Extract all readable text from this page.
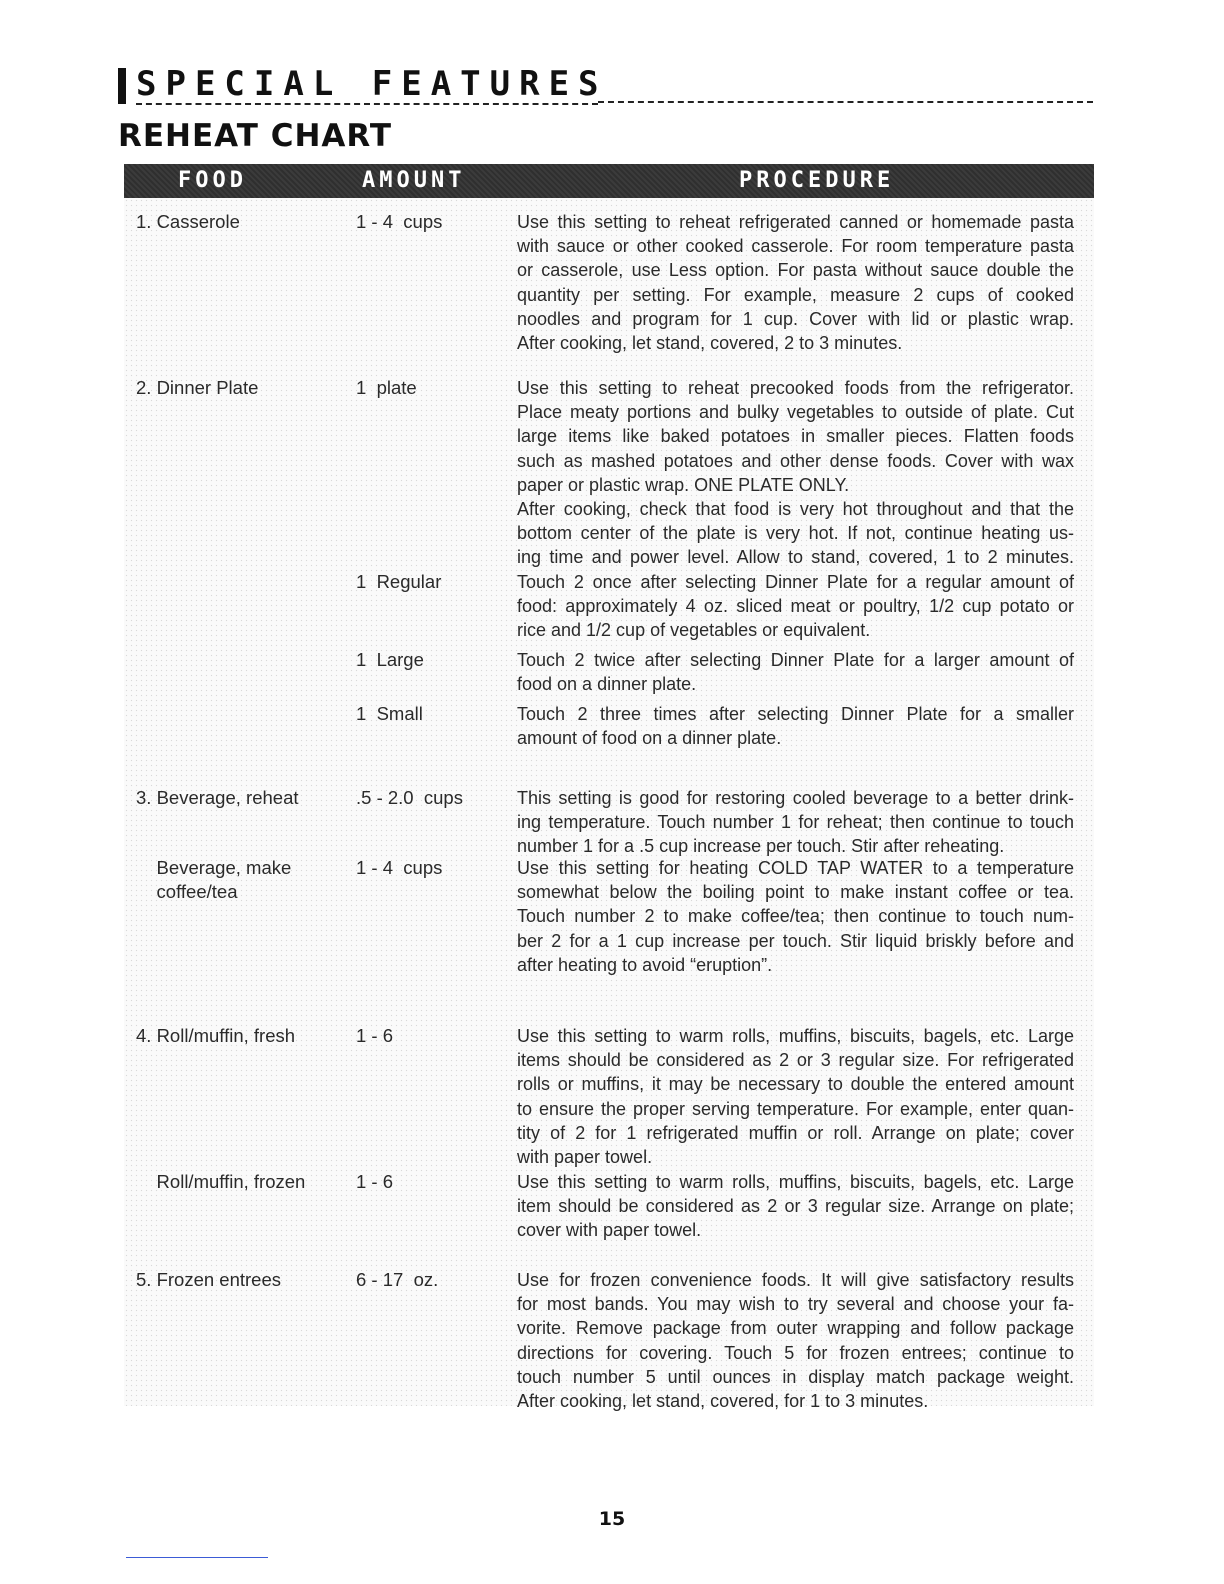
SPECIAL FEATURES
REHEAT CHART
FOOD	AMOUNT	PROCEDURE
1. Casserole	1 - 4  cups	Use this setting to reheat refrigerated canned or homemade pasta
with sauce or other cooked casserole. For room temperature pasta
or casserole, use Less option. For pasta without sauce double the
quantity per setting. For example, measure 2 cups of cooked
noodles and program for 1 cup. Cover with lid or plastic wrap.
After cooking, let stand, covered, 2 to 3 minutes.
2. Dinner Plate	1  plate	Use this setting to reheat precooked foods from the refrigerator.
Place meaty portions and bulky vegetables to outside of plate. Cut
large items like baked potatoes in smaller pieces. Flatten foods
such as mashed potatoes and other dense foods. Cover with wax
paper or plastic wrap. ONE PLATE ONLY.
After cooking, check that food is very hot throughout and that the
bottom center of the plate is very hot. If not, continue heating us-
ing time and power level. Allow to stand, covered, 1 to 2 minutes.
1  Regular	Touch 2 once after selecting Dinner Plate for a regular amount of
food: approximately 4 oz. sliced meat or poultry, 1/2 cup potato or
rice and 1/2 cup of vegetables or equivalent.
1  Large	Touch 2 twice after selecting Dinner Plate for a larger amount of
food on a dinner plate.
1  Small	Touch 2 three times after selecting Dinner Plate for a smaller
amount of food on a dinner plate.
3. Beverage, reheat	.5 - 2.0  cups	This setting is good for restoring cooled beverage to a better drink-
ing temperature. Touch number 1 for reheat; then continue to touch
number 1 for a .5 cup increase per touch. Stir after reheating.
Beverage, make
coffee/tea
1 - 4  cups	Use this setting for heating COLD TAP WATER to a temperature
somewhat below the boiling point to make instant coffee or tea.
Touch number 2 to make coffee/tea; then continue to touch num-
ber 2 for a 1 cup increase per touch. Stir liquid briskly before and
after heating to avoid “eruption”.
4. Roll/muffin, fresh	1 - 6	Use this setting to warm rolls, muffins, biscuits, bagels, etc. Large
items should be considered as 2 or 3 regular size. For refrigerated
rolls or muffins, it may be necessary to double the entered amount
to ensure the proper serving temperature. For example, enter quan-
tity of 2 for 1 refrigerated muffin or roll. Arrange on plate; cover
with paper towel.
Roll/muffin, frozen	1 - 6	Use this setting to warm rolls, muffins, biscuits, bagels, etc. Large
item should be considered as 2 or 3 regular size. Arrange on plate;
cover with paper towel.
5. Frozen entrees	6 - 17  oz.	Use for frozen convenience foods. It will give satisfactory results
for most bands. You may wish to try several and choose your fa-
vorite. Remove package from outer wrapping and follow package
directions for covering. Touch 5 for frozen entrees; continue to
touch number 5 until ounces in display match package weight.
After cooking, let stand, covered, for 1 to 3 minutes.
15
